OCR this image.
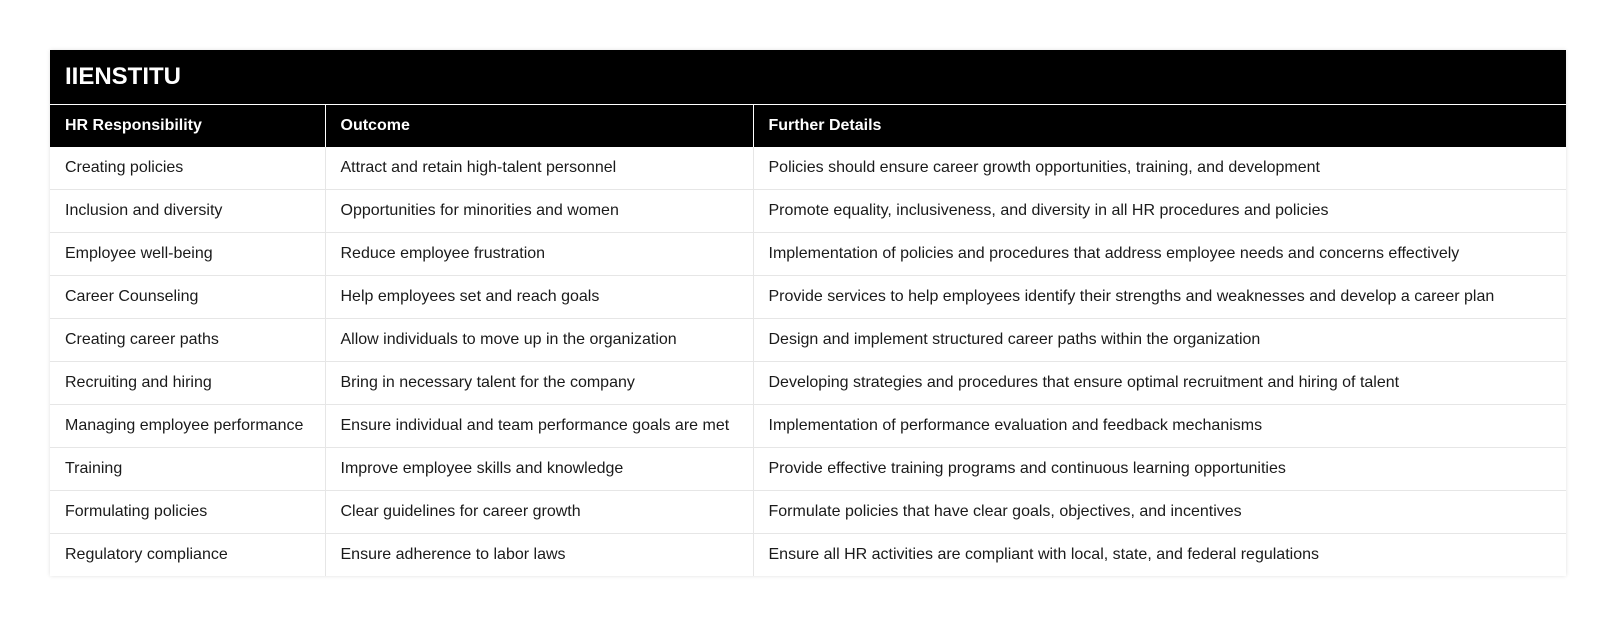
IIENSTITU		
HR Responsibility	Outcome	Further Details
Creating policies	Attract and retain high-talent personnel	Policies should ensure career growth opportunities, training, and development
Inclusion and diversity	Opportunities for minorities and women	Promote equality, inclusiveness, and diversity in all HR procedures and policies
Employee well-being	Reduce employee frustration	Implementation of policies and procedures that address employee needs and concerns effectively
Career Counseling	Help employees set and reach goals	Provide services to help employees identify their strengths and weaknesses and develop a career plan
Creating career paths	Allow individuals to move up in the organization	Design and implement structured career paths within the organization
Recruiting and hiring	Bring in necessary talent for the company	Developing strategies and procedures that ensure optimal recruitment and hiring of talent
Managing employee performance	Ensure individual and team performance goals are met	Implementation of performance evaluation and feedback mechanisms
Training	Improve employee skills and knowledge	Provide effective training programs and continuous learning opportunities
Formulating policies	Clear guidelines for career growth	Formulate policies that have clear goals, objectives, and incentives
Regulatory compliance	Ensure adherence to labor laws	Ensure all HR activities are compliant with local, state, and federal regulations
